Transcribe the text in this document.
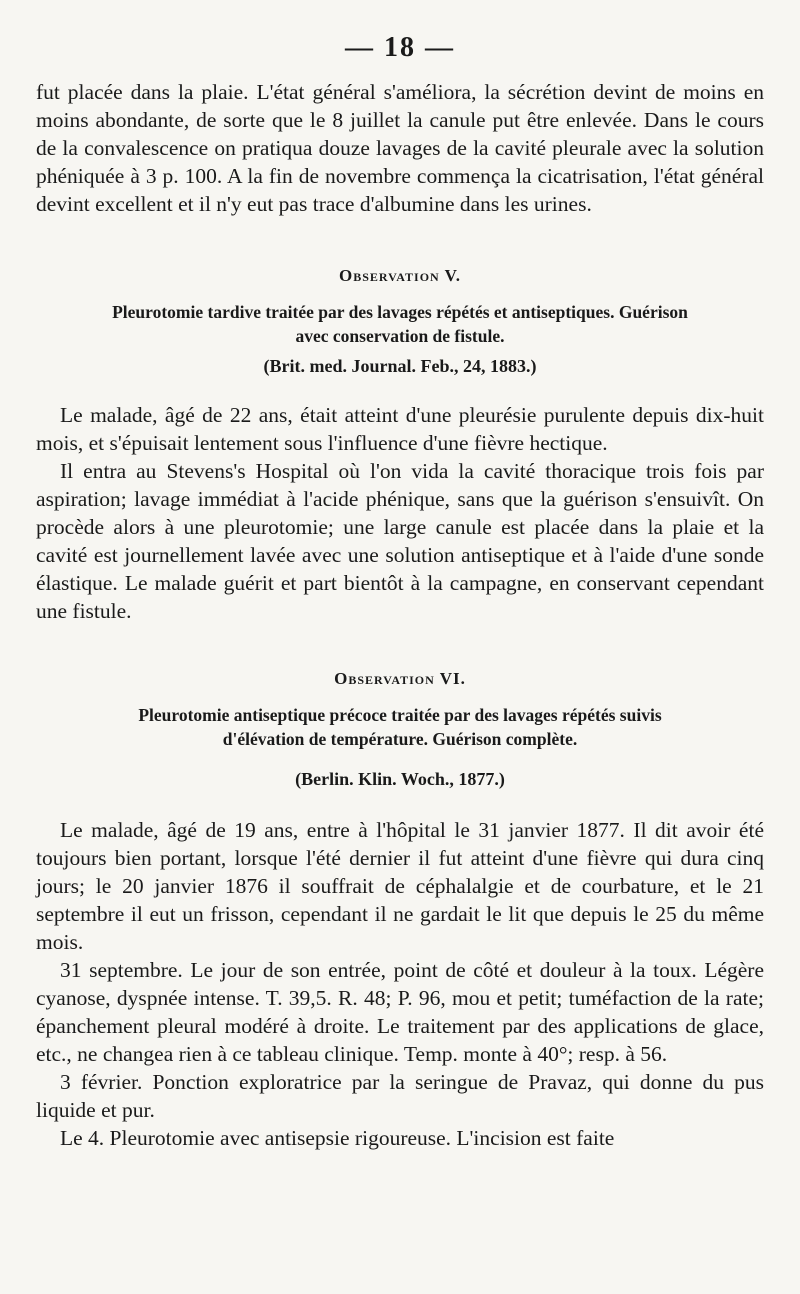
— 18 —

fut placée dans la plaie. L'état général s'améliora, la sécrétion devint de moins en moins abondante, de sorte que le 8 juillet la canule put être enlevée. Dans le cours de la convalescence on pratiqua douze lavages de la cavité pleurale avec la solution phéniquée à 3 p. 100. A la fin de novembre commença la cicatrisation, l'état général devint excellent et il n'y eut pas trace d'albumine dans les urines.

Observation V.

Pleurotomie tardive traitée par des lavages répétés et antiseptiques. Guérison
avec conservation de fistule.

(Brit. med. Journal. Feb., 24, 1883.)

Le malade, âgé de 22 ans, était atteint d'une pleurésie purulente depuis dix-huit mois, et s'épuisait lentement sous l'influence d'une fièvre hectique.

Il entra au Stevens's Hospital où l'on vida la cavité thoracique trois fois par aspiration; lavage immédiat à l'acide phénique, sans que la guérison s'ensuivît. On procède alors à une pleurotomie; une large canule est placée dans la plaie et la cavité est journellement lavée avec une solution antiseptique et à l'aide d'une sonde élastique. Le malade guérit et part bientôt à la campagne, en conservant cependant une fistule.

Observation VI.

Pleurotomie antiseptique précoce traitée par des lavages répétés suivis
d'élévation de température. Guérison complète.

(Berlin. Klin. Woch., 1877.)

Le malade, âgé de 19 ans, entre à l'hôpital le 31 janvier 1877. Il dit avoir été toujours bien portant, lorsque l'été dernier il fut atteint d'une fièvre qui dura cinq jours; le 20 janvier 1876 il souffrait de céphalalgie et de courbature, et le 21 septembre il eut un frisson, cependant il ne gardait le lit que depuis le 25 du même mois.

31 septembre. Le jour de son entrée, point de côté et douleur à la toux. Légère cyanose, dyspnée intense. T. 39,5. R. 48; P. 96, mou et petit; tuméfaction de la rate; épanchement pleural modéré à droite. Le traitement par des applications de glace, etc., ne changea rien à ce tableau clinique. Temp. monte à 40°; resp. à 56.

3 février. Ponction exploratrice par la seringue de Pravaz, qui donne du pus liquide et pur.

Le 4. Pleurotomie avec antisepsie rigoureuse. L'incision est faite
